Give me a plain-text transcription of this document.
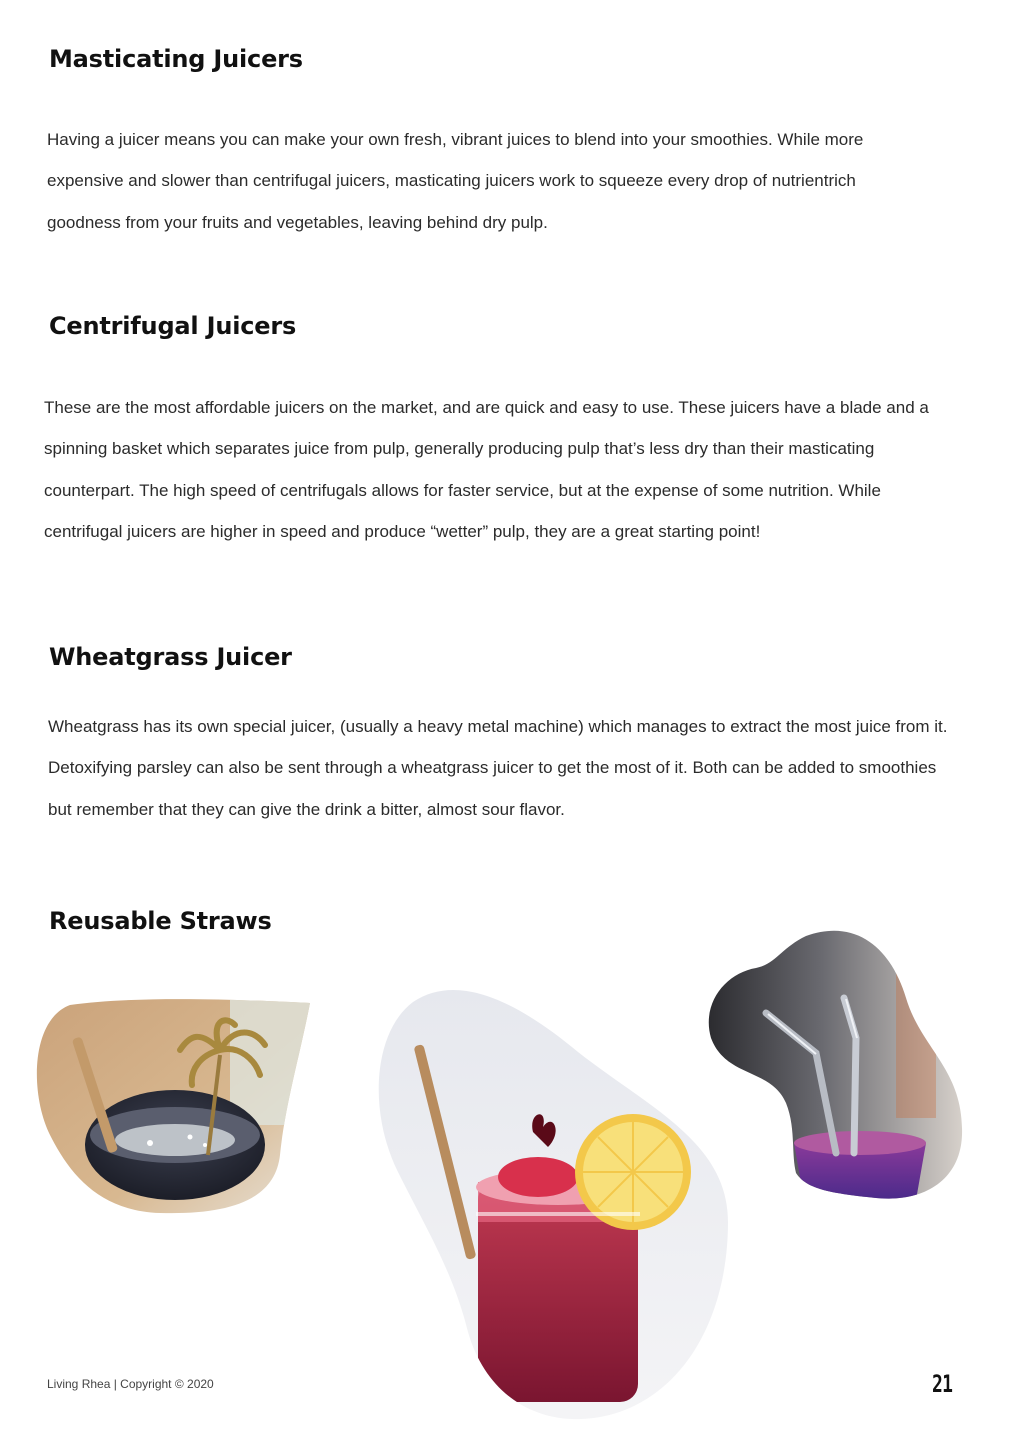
Masticating Juicers

Having a juicer means you can make your own fresh, vibrant juices to blend into your smoothies. While more expensive and slower than centrifugal juicers, masticating juicers work to squeeze every drop of nutrientrich goodness from your fruits and vegetables, leaving behind dry pulp.

Centrifugal Juicers

These are the most affordable juicers on the market, and are quick and easy to use. These juicers have a blade and a spinning basket which separates juice from pulp, generally producing pulp that’s less dry than their masticating counterpart. The high speed of centrifugals allows for faster service, but at the expense of some nutrition. While centrifugal juicers are higher in speed and produce “wetter” pulp, they are a great starting point!

Wheatgrass Juicer

Wheatgrass has its own special juicer, (usually a heavy metal machine) which manages to extract the most juice from it. Detoxifying parsley can also be sent through a wheatgrass juicer to get the most of it. Both can be added to smoothies but remember that they can give the drink a bitter, almost sour flavor.

Reusable Straws
Living Rhea | Copyright © 2020	21
